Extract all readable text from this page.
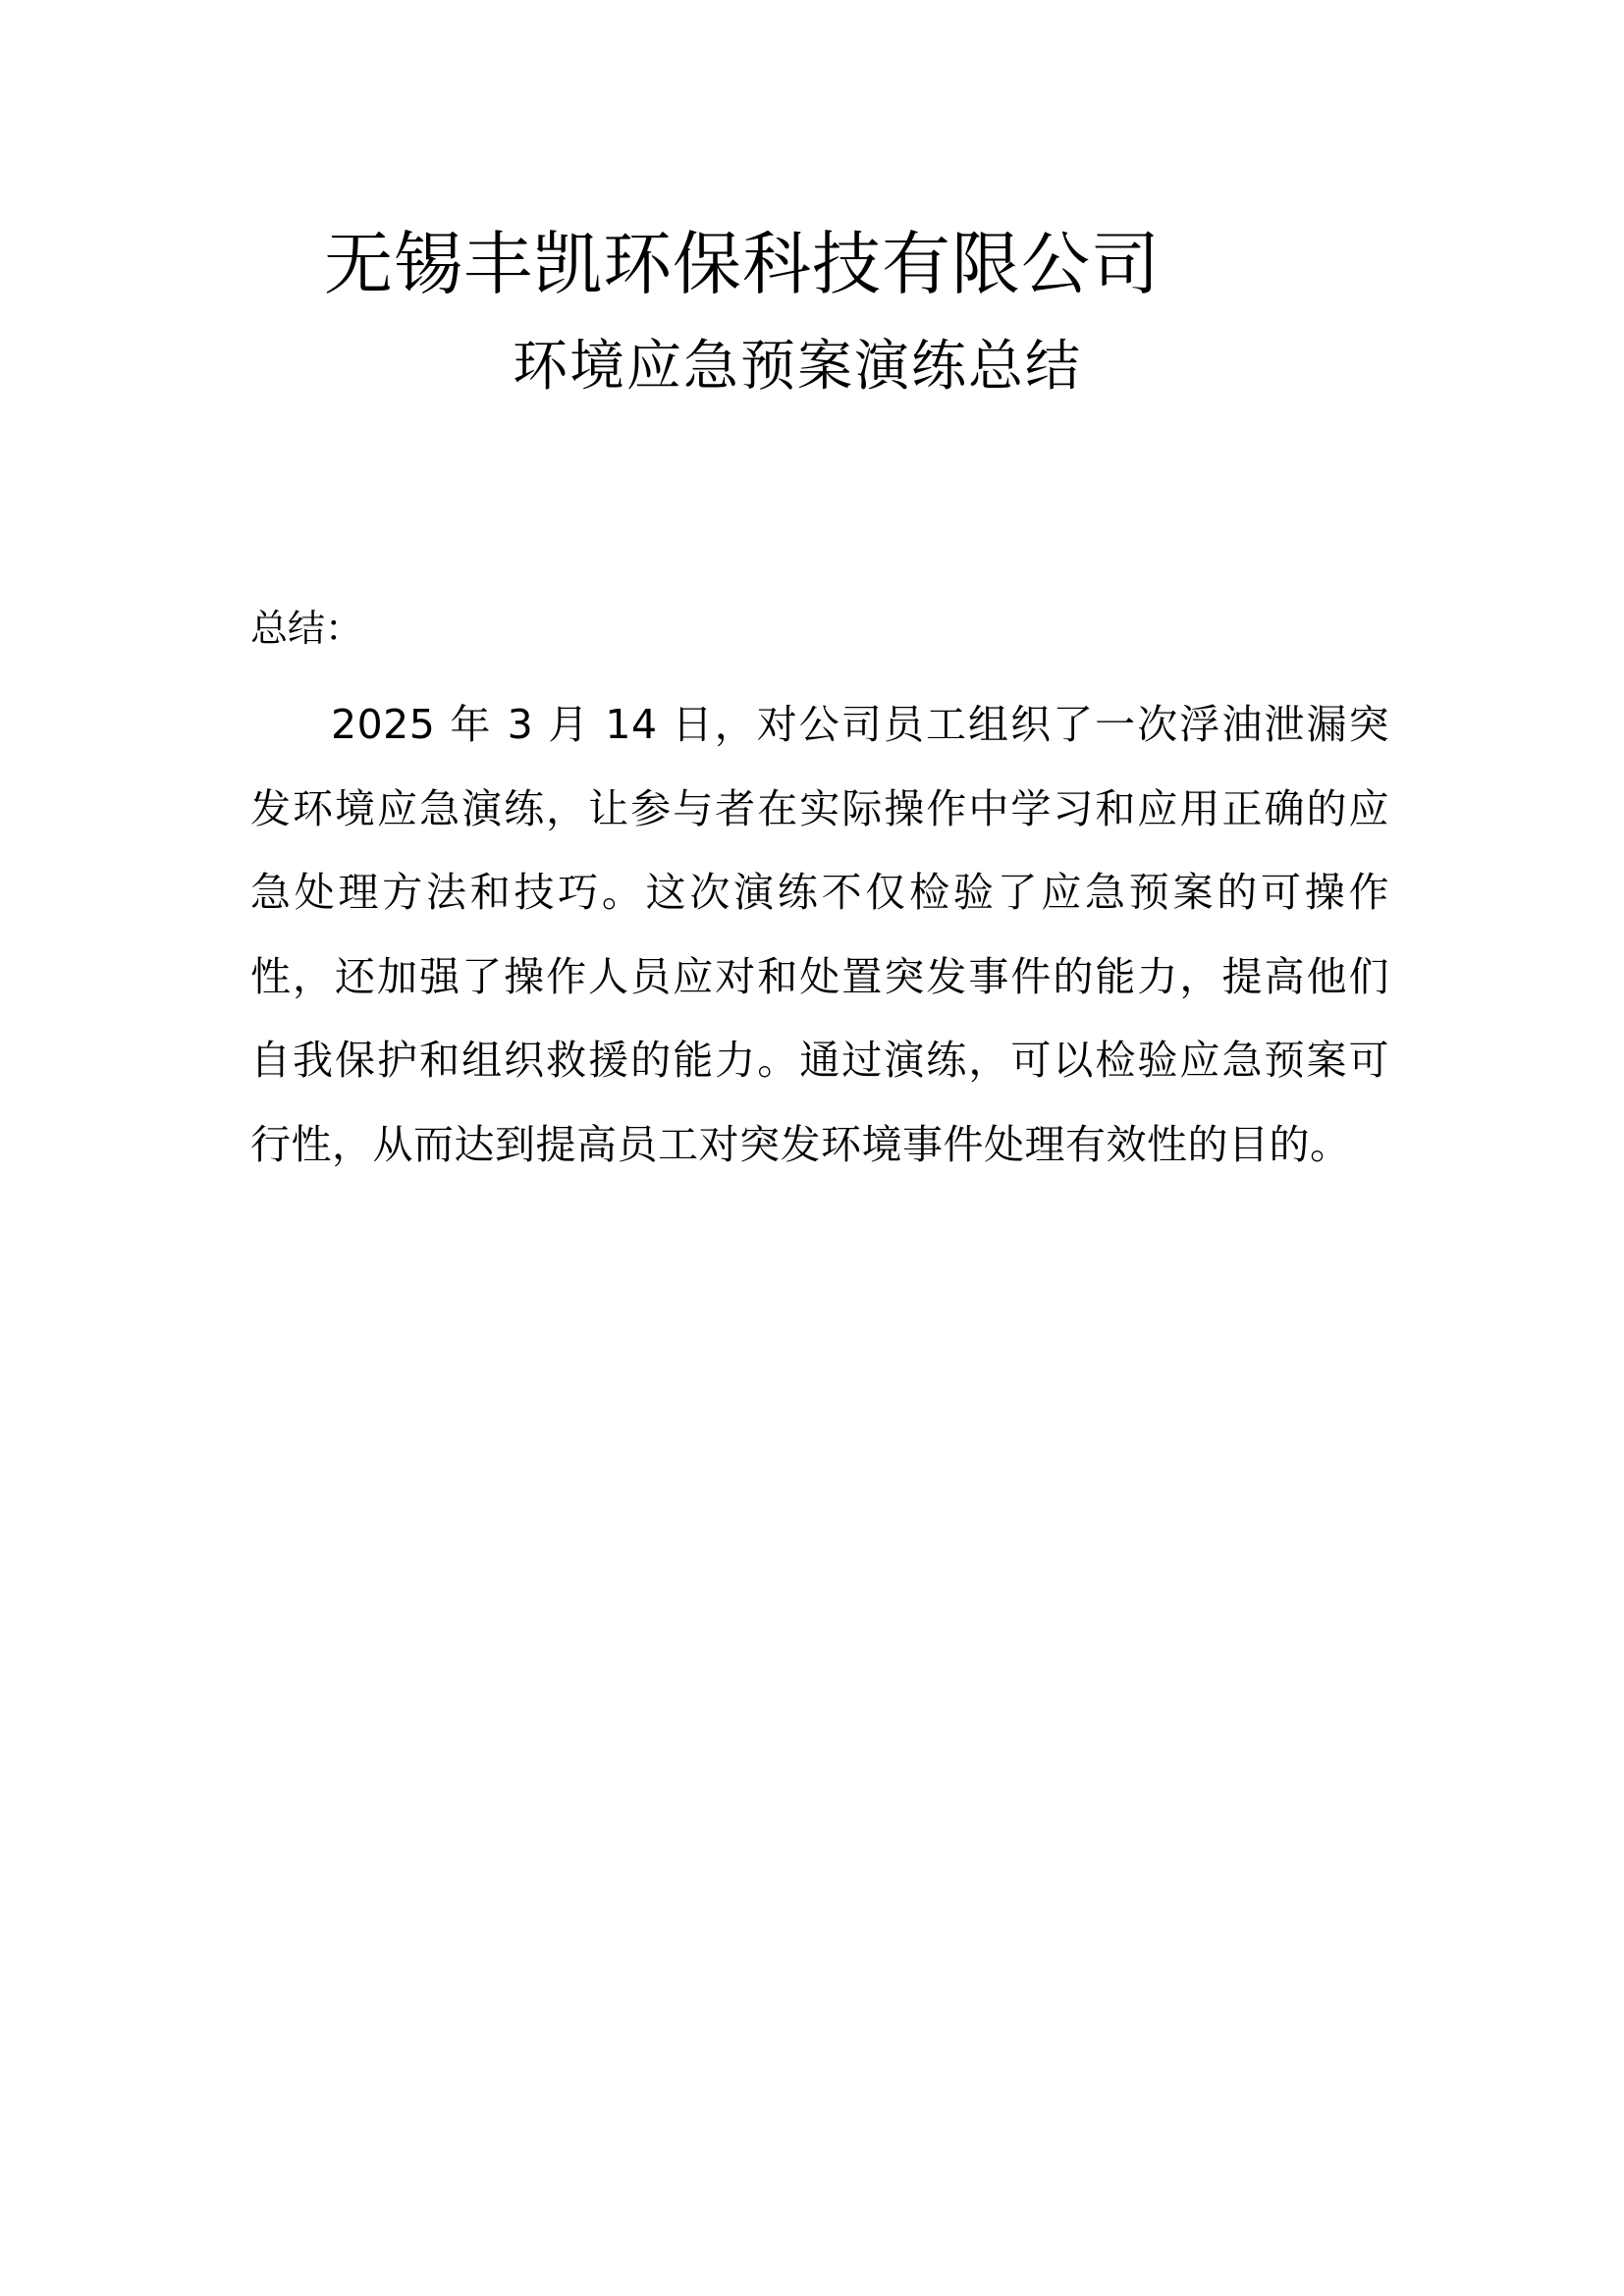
无锡丰凯环保科技有限公司
环境应急预案演练总结

总结：

2025 年 3 月 14 日，对公司员工组织了一次浮油泄漏突发环境应急演练，让参与者在实际操作中学习和应用正确的应急处理方法和技巧。这次演练不仅检验了应急预案的可操作性，还加强了操作人员应对和处置突发事件的能力，提高他们自我保护和组织救援的能力。通过演练，可以检验应急预案可行性，从而达到提高员工对突发环境事件处理有效性的目的。
